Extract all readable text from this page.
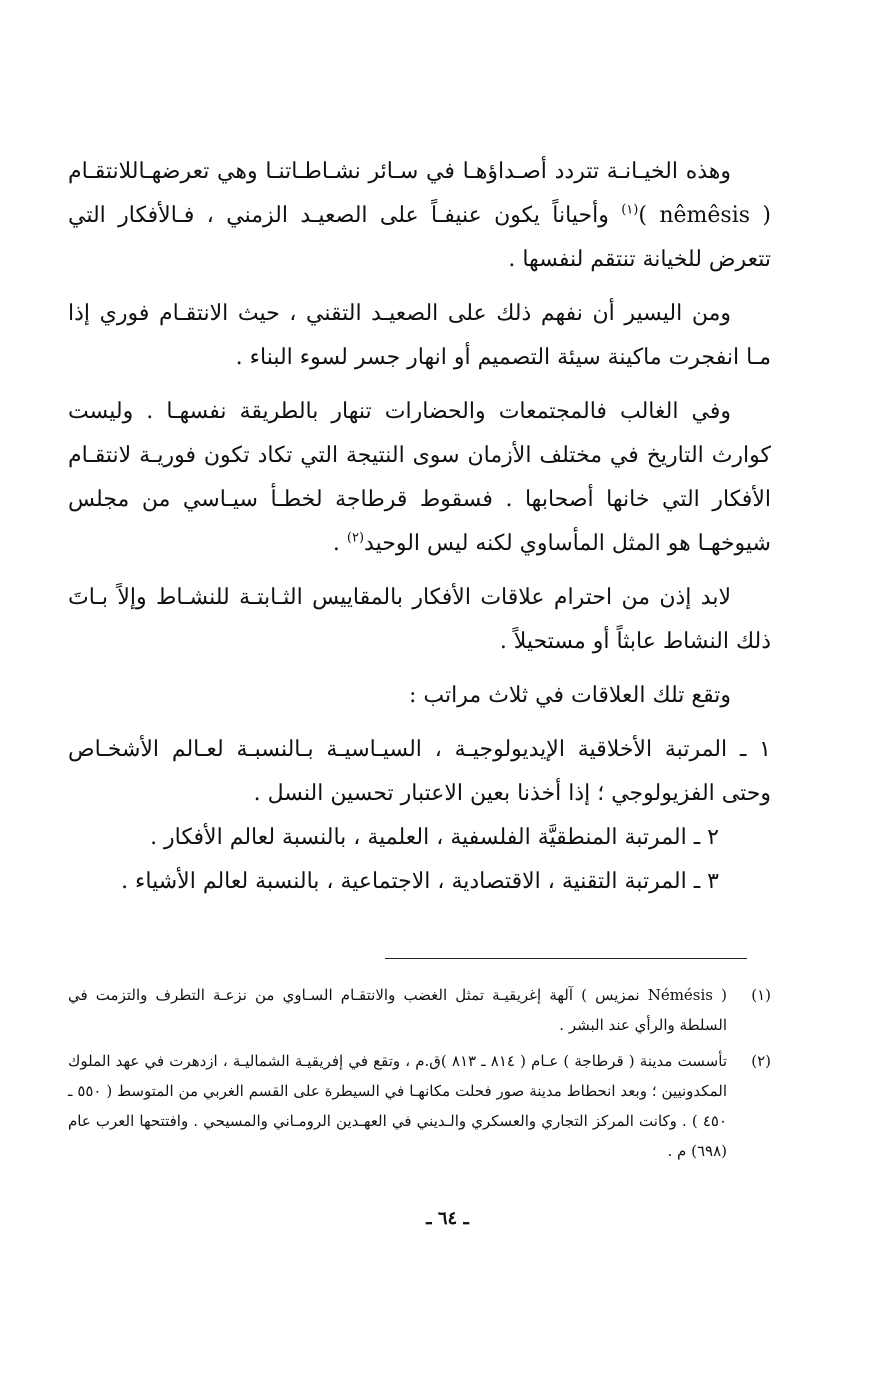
وهذه الخيـانـة تتردد أصـداؤهـا في سـائر نشـاطـاتنـا وهي تعرضهـاللانتقـام ( nêmêsis )$^{(١)}$ وأحياناً يكون عنيفـاً على الصعيـد الزمني ، فـالأفكار التي تتعرض للخيانة تنتقم لنفسها .

ومن اليسير أن نفهم ذلك على الصعيـد التقني ، حيث الانتقـام فوري إذا مـا انفجرت ماكينة سيئة التصميم أو انهار جسر لسوء البناء .

وفي الغالب فالمجتمعات والحضارات تنهار بالطريقة نفسهـا . وليست كوارث التاريخ في مختلف الأزمان سوى النتيجة التي تكاد تكون فوريـة لانتقـام الأفكار التي خانها أصحابها . فسقوط قرطاجة لخطـأ سيـاسي من مجلس شيوخهـا هو المثل المأساوي لكنه ليس الوحيد$^{(٢)}$ .

لابد إذن من احترام علاقات الأفكار بالمقاييس الثـابتـة للنشـاط وإلاً بـاتَ ذلك النشاط عابثاً أو مستحيلاً .

وتقع تلك العلاقات في ثلاث مراتب :

١ ـ المرتبة الأخلاقية الإيديولوجيـة ، السيـاسيـة بـالنسبـة لعـالم الأشخـاص وحتى الفزيولوجي ؛ إذا أخذنا بعين الاعتبار تحسين النسل .

٢ ـ المرتبة المنطقيَّة الفلسفية ، العلمية ، بالنسبة لعالم الأفكار .

٣ ـ المرتبة التقنية ، الاقتصادية ، الاجتماعية ، بالنسبة لعالم الأشياء .

(١)
( Némésis نمزيس ) آلهة إغريقيـة تمثل الغضب والانتقـام السـاوي من نزعـة التطرف والتزمت في السلطة والرأي عند البشر .
(٢)
تأسست مدينة ( قرطاجة ) عـام ( ٨١٤ ـ ٨١٣ )ق.م ، وتقع في إفريقيـة الشماليـة ، ازدهرت في عهد الملوك المكدونيين ؛ وبعد انحطاط مدينة صور فحلت مكانهـا في السيطرة على القسم الغربي من المتوسط ( ٥٥٠ ـ ٤٥٠ ) . وكانت المركز التجاري والعسكري والـديني في العهـدين الرومـاني والمسيحي . وافتتحها العرب عام (٦٩٨) م .
ـ ٦٤ ـ
